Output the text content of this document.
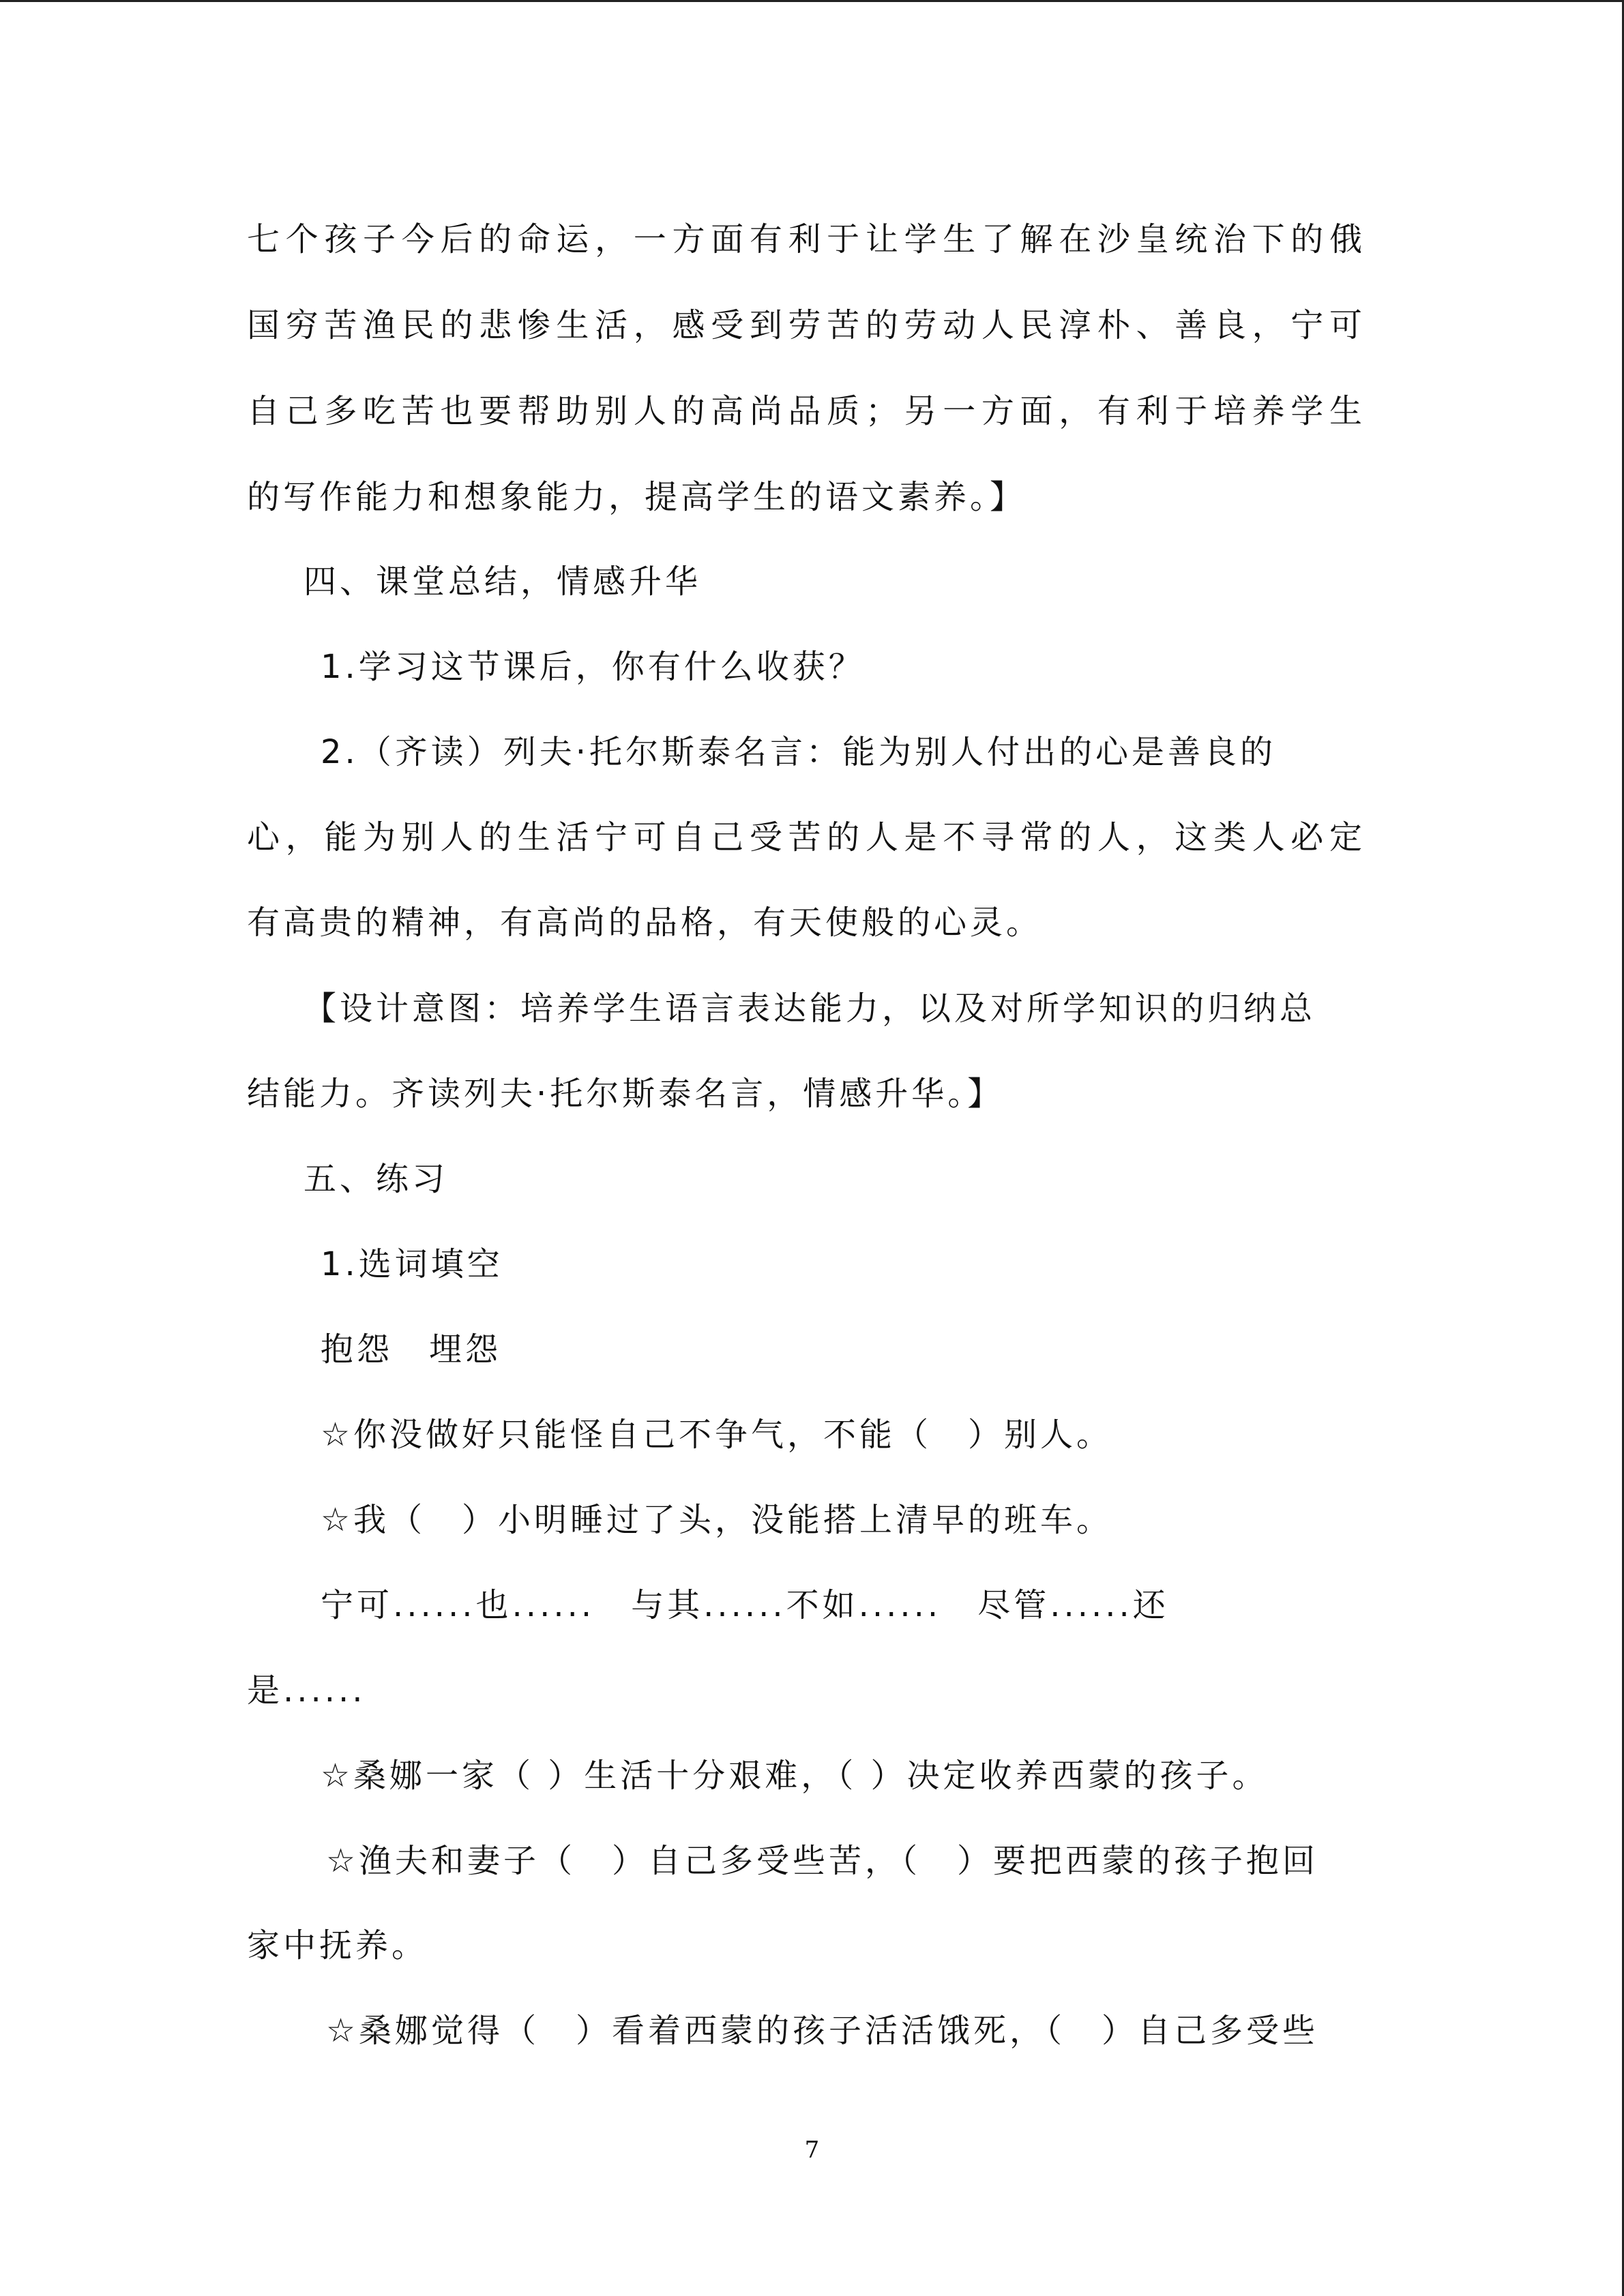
七个孩子今后的命运，一方面有利于让学生了解在沙皇统治下的俄
国穷苦渔民的悲惨生活，感受到劳苦的劳动人民淳朴、善良，宁可
自己多吃苦也要帮助别人的高尚品质；另一方面，有利于培养学生
的写作能力和想象能力，提高学生的语文素养。】
四、课堂总结，情感升华
1.学习这节课后，你有什么收获？
2.（齐读）列夫·托尔斯泰名言：能为别人付出的心是善良的
心，能为别人的生活宁可自己受苦的人是不寻常的人，这类人必定
有高贵的精神，有高尚的品格，有天使般的心灵。
【设计意图：培养学生语言表达能力，以及对所学知识的归纳总
结能力。齐读列夫·托尔斯泰名言，情感升华。】
五、练习
1.选词填空
抱怨　埋怨
☆你没做好只能怪自己不争气，不能（　）别人。
☆我（　）小明睡过了头，没能搭上清早的班车。
宁可......也......　与其......不如......　尽管......还
是......
☆桑娜一家（ ）生活十分艰难，（ ）决定收养西蒙的孩子。
☆渔夫和妻子（　）自己多受些苦，（　）要把西蒙的孩子抱回
家中抚养。
☆桑娜觉得（　）看着西蒙的孩子活活饿死，（　）自己多受些
7
